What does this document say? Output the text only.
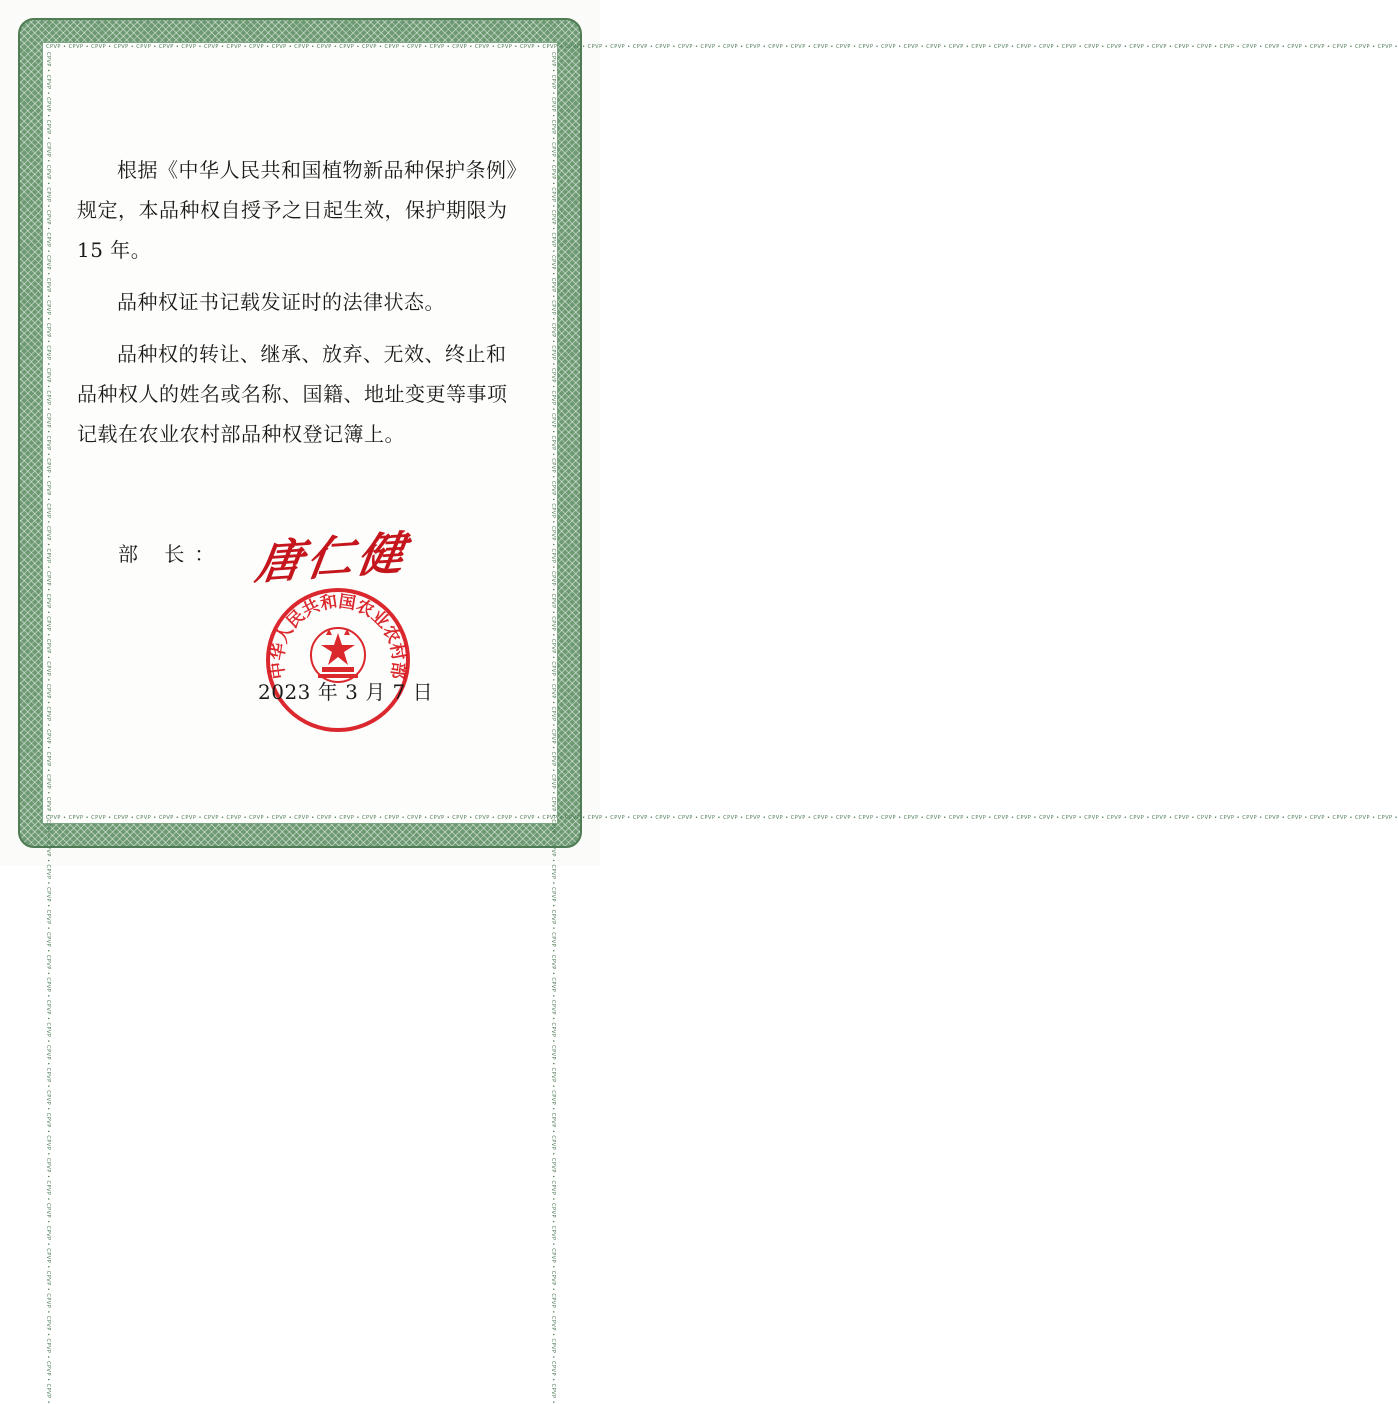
CPVP • CPVP • CPVP • CPVP • CPVP • CPVP • CPVP • CPVP • CPVP • CPVP • CPVP • CPVP • CPVP • CPVP • CPVP • CPVP • CPVP • CPVP • CPVP • CPVP • CPVP • CPVP • CPVP • CPVP • CPVP • CPVP • CPVP • CPVP • CPVP • CPVP • CPVP • CPVP • CPVP • CPVP • CPVP • CPVP • CPVP • CPVP • CPVP • CPVP • CPVP • CPVP • CPVP • CPVP • CPVP • CPVP • CPVP • CPVP • CPVP • CPVP • CPVP • CPVP • CPVP • CPVP • CPVP • CPVP • CPVP • CPVP • CPVP • CPVP •
CPVP • CPVP • CPVP • CPVP • CPVP • CPVP • CPVP • CPVP • CPVP • CPVP • CPVP • CPVP • CPVP • CPVP • CPVP • CPVP • CPVP • CPVP • CPVP • CPVP • CPVP • CPVP • CPVP • CPVP • CPVP • CPVP • CPVP • CPVP • CPVP • CPVP • CPVP • CPVP • CPVP • CPVP • CPVP • CPVP • CPVP • CPVP • CPVP • CPVP • CPVP • CPVP • CPVP • CPVP • CPVP • CPVP • CPVP • CPVP • CPVP • CPVP • CPVP • CPVP • CPVP • CPVP • CPVP • CPVP • CPVP • CPVP • CPVP • CPVP •
CPVP • CPVP • CPVP • CPVP • CPVP • CPVP • CPVP • CPVP • CPVP • CPVP • CPVP • CPVP • CPVP • CPVP • CPVP • CPVP • CPVP • CPVP • CPVP • CPVP • CPVP • CPVP • CPVP • CPVP • CPVP • CPVP • CPVP • CPVP • CPVP • CPVP • CPVP • CPVP • CPVP • CPVP • CPVP • CPVP • CPVP • CPVP • CPVP • CPVP • CPVP • CPVP • CPVP • CPVP • CPVP • CPVP • CPVP • CPVP • CPVP • CPVP • CPVP • CPVP • CPVP • CPVP • CPVP • CPVP • CPVP • CPVP • CPVP • CPVP •	CPVP • CPVP • CPVP • CPVP • CPVP • CPVP • CPVP • CPVP • CPVP • CPVP • CPVP • CPVP • CPVP • CPVP • CPVP • CPVP • CPVP • CPVP • CPVP • CPVP • CPVP • CPVP • CPVP • CPVP • CPVP • CPVP • CPVP • CPVP • CPVP • CPVP • CPVP • CPVP • CPVP • CPVP • CPVP • CPVP • CPVP • CPVP • CPVP • CPVP • CPVP • CPVP • CPVP • CPVP • CPVP • CPVP • CPVP • CPVP • CPVP • CPVP • CPVP • CPVP • CPVP • CPVP • CPVP • CPVP • CPVP • CPVP • CPVP • CPVP •

根据《中华人民共和国植物新品种保护条例》规定，本品种权自授予之日起生效，保护期限为 15 年。

品种权证书记载发证时的法律状态。

品种权的转让、继承、放弃、无效、终止和品种权人的姓名或名称、国籍、地址变更等事项记载在农业农村部品种权登记簿上。

部 长： 唐仁健
中华人民共和国农业农村部
2023 年 3 月 7 日
